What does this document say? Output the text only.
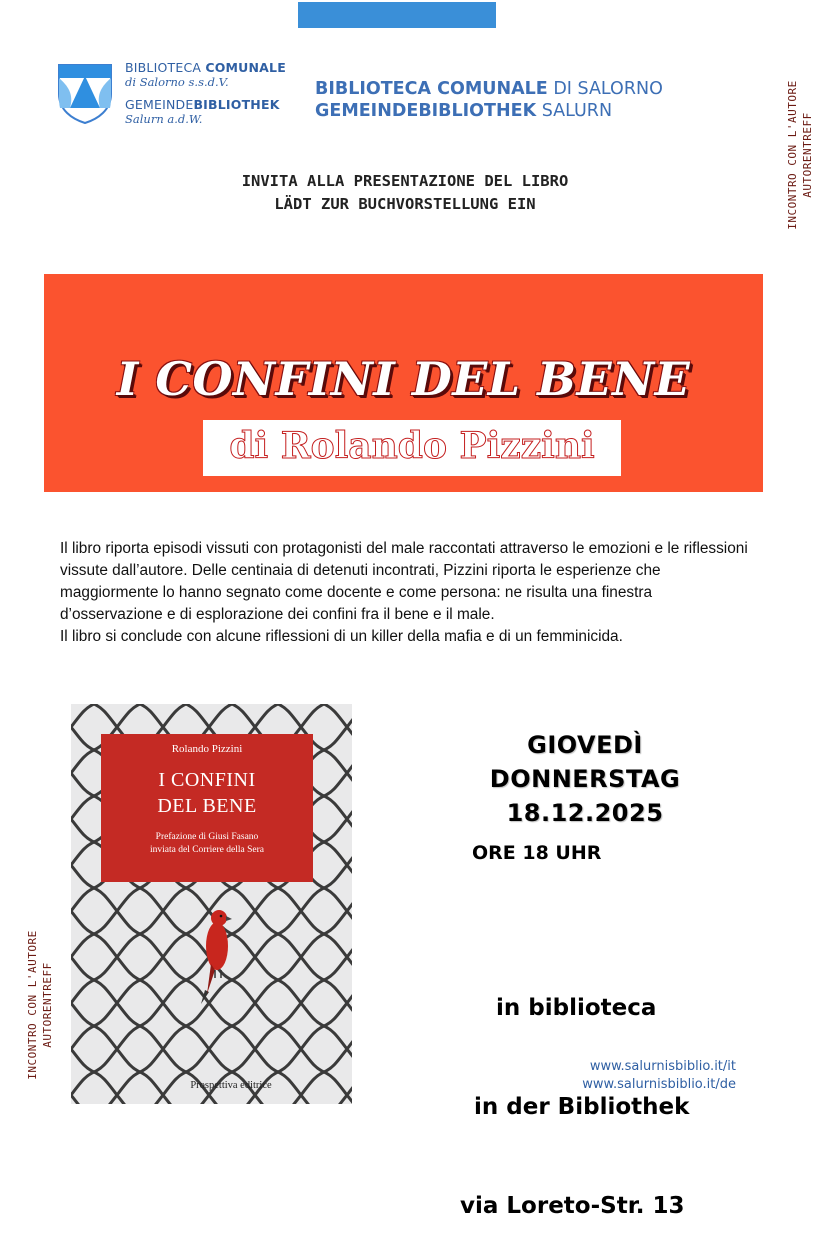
BIBLIOTECA COMUNALE
di Salorno s.s.d.V.
GEMEINDEBIBLIOTHEK
Salurn a.d.W.
BIBLIOTECA COMUNALE DI SALORNO
GEMEINDEBIBLIOTHEK SALURN	INCONTRO CON L'AUTORE AUTORENTREFF
INVITA ALLA PRESENTAZIONE DEL LIBRO
LÄDT ZUR BUCHVORSTELLUNG EIN
I CONFINI DEL BENE
di Rolando Pizzini
Il libro riporta episodi vissuti con protagonisti del male raccontati attraverso le emozioni e le riflessioni vissute dall’autore. Delle centinaia di detenuti incontrati, Pizzini riporta le esperienze che maggiormente lo hanno segnato come docente e come persona: ne risulta una finestra d’osservazione e di esplorazione dei confini fra il bene e il male.
Il libro si conclude con alcune riflessioni di un killer della mafia e di un femminicida.
Rolando Pizzini
I CONFINI
DEL BENE
Prefazione di Giusi Fasano
inviata del Corriere della Sera
Prospettiva editrice
INCONTRO CON L'AUTORE AUTORENTREFF
GIOVEDÌ
DONNERSTAG
18.12.2025
ORE 18 UHR

in biblioteca

in der Bibliothek

via Loreto-Str. 13

www.salurnisbiblio.it/it
www.salurnisbiblio.it/de
